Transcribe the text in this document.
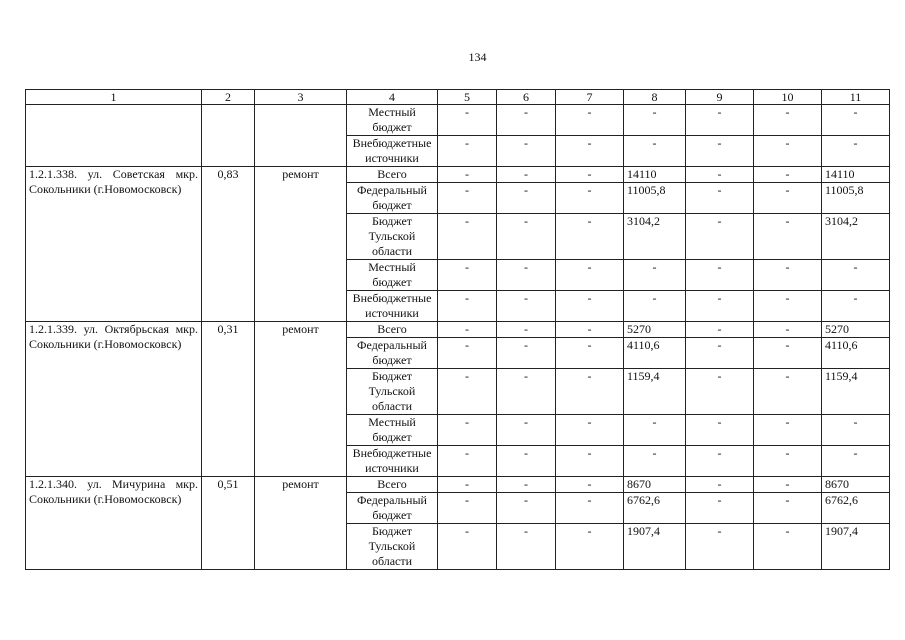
134
1	2	3	4	5	6	7	8	9	10	11
			Местный бюджет	-	-	-	-	-	-	-
			Внебюджетные источники	-	-	-	-	-	-	-
1.2.1.338. ул. Советская мкр. Сокольники (г.Новомосковск)	0,83	ремонт	Всего	-	-	-	14110	-	-	14110
			Федеральный бюджет	-	-	-	11005,8	-	-	11005,8
			Бюджет Тульской области	-	-	-	3104,2	-	-	3104,2
			Местный бюджет	-	-	-	-	-	-	-
			Внебюджетные источники	-	-	-	-	-	-	-
1.2.1.339. ул. Октябрьская мкр. Сокольники (г.Новомосковск)	0,31	ремонт	Всего	-	-	-	5270	-	-	5270
			Федеральный бюджет	-	-	-	4110,6	-	-	4110,6
			Бюджет Тульской области	-	-	-	1159,4	-	-	1159,4
			Местный бюджет	-	-	-	-	-	-	-
			Внебюджетные источники	-	-	-	-	-	-	-
1.2.1.340. ул. Мичурина мкр. Сокольники (г.Новомосковск)	0,51	ремонт	Всего	-	-	-	8670	-	-	8670
			Федеральный бюджет	-	-	-	6762,6	-	-	6762,6
			Бюджет Тульской области	-	-	-	1907,4	-	-	1907,4
